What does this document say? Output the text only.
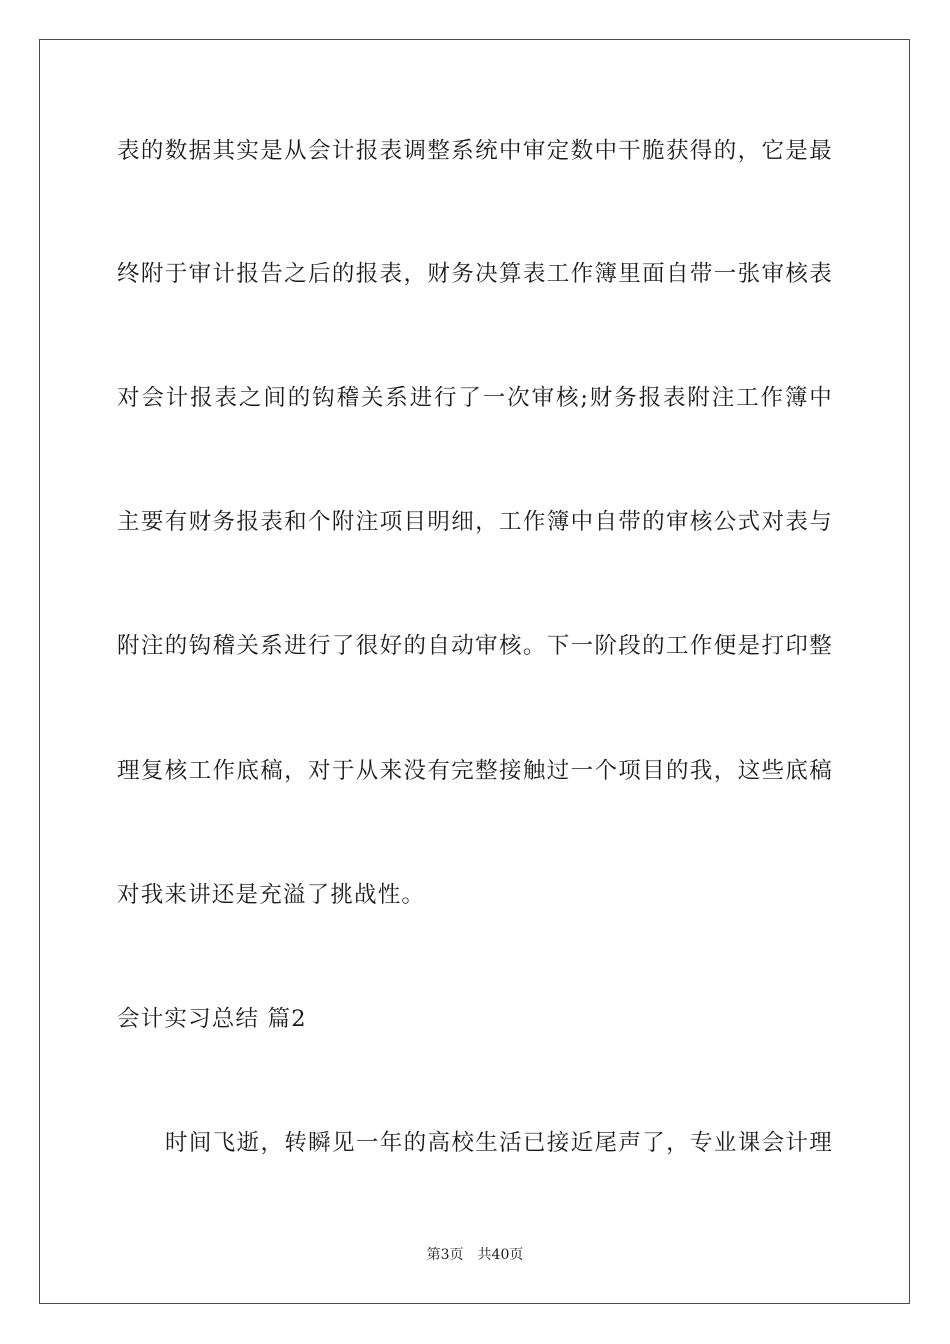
表的数据其实是从会计报表调整系统中审定数中干脆获得的，它是最
终附于审计报告之后的报表，财务决算表工作簿里面自带一张审核表
对会计报表之间的钩稽关系进行了一次审核;财务报表附注工作簿中
主要有财务报表和个附注项目明细，工作簿中自带的审核公式对表与
附注的钩稽关系进行了很好的自动审核。下一阶段的工作便是打印整
理复核工作底稿，对于从来没有完整接触过一个项目的我，这些底稿
对我来讲还是充溢了挑战性。
会计实习总结 篇2
时间飞逝，转瞬见一年的高校生活已接近尾声了，专业课会计理
第3页 共40页
